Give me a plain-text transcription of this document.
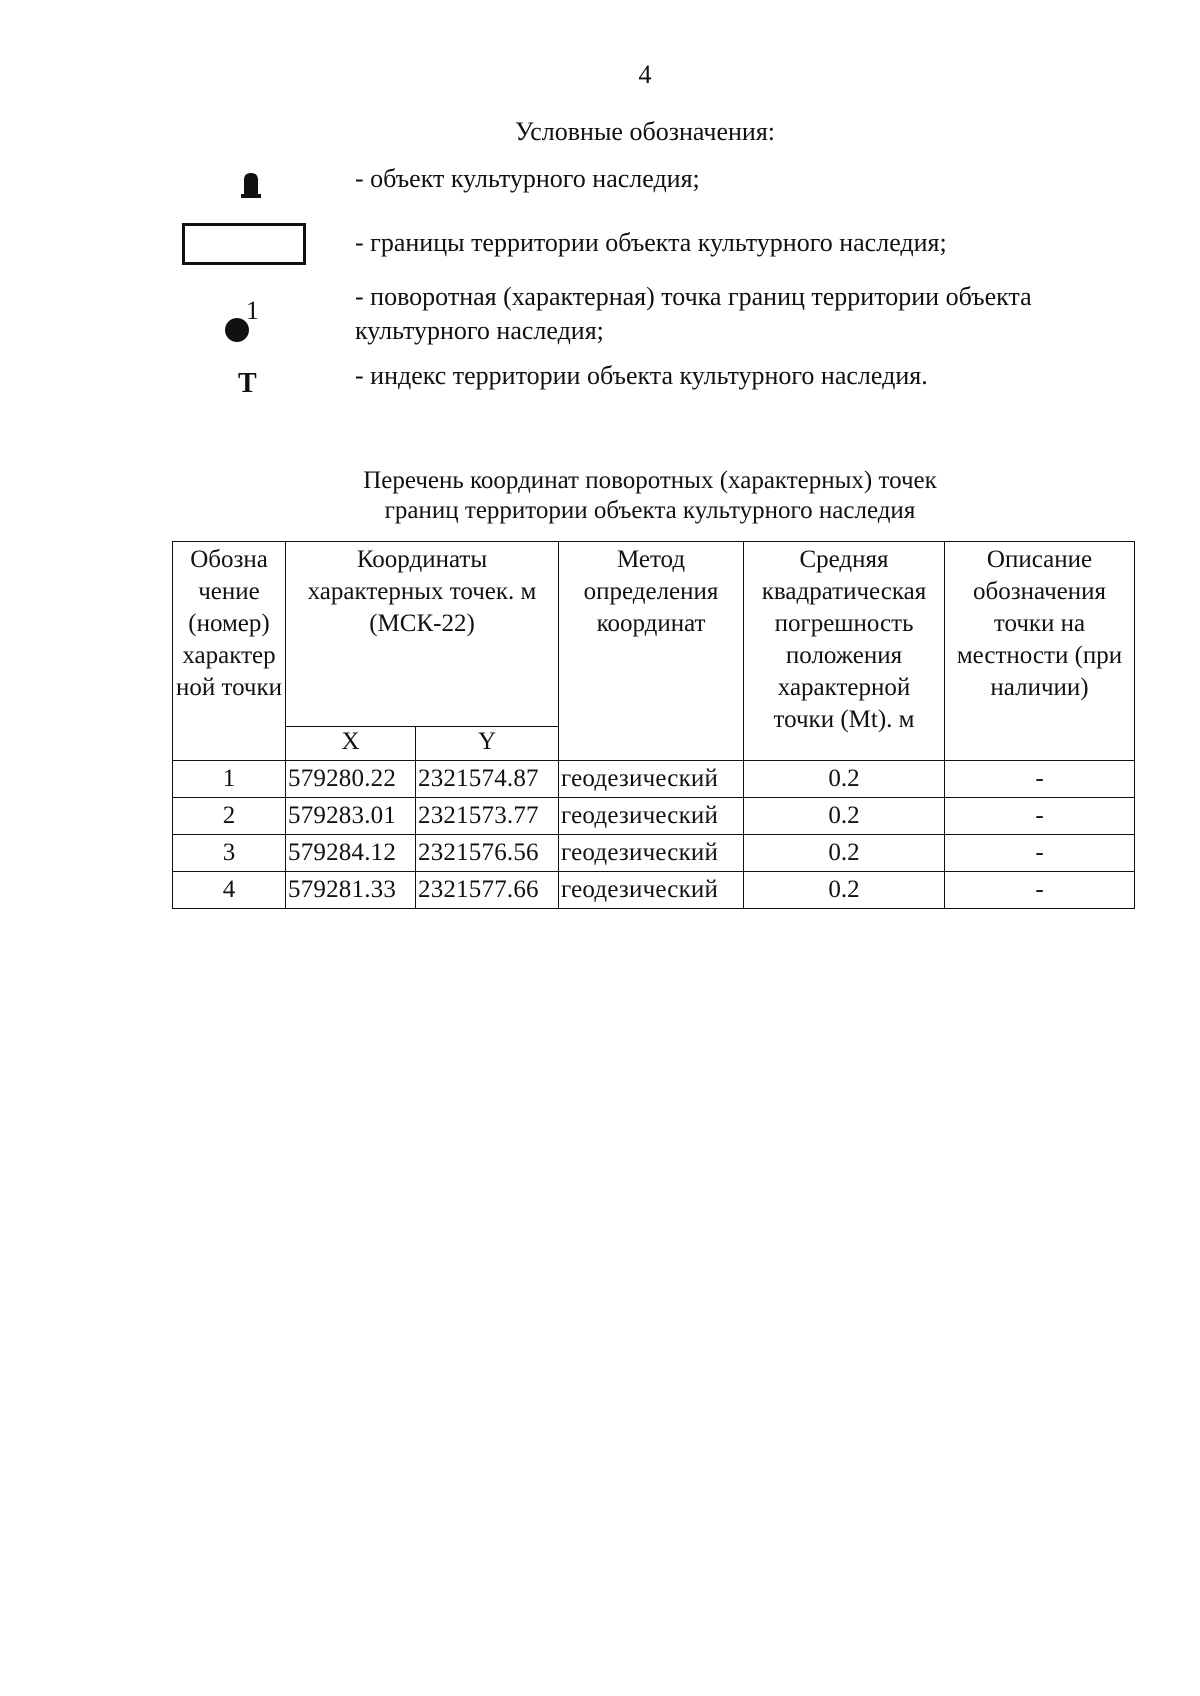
4
Условные обозначения:
- объект культурного наследия;
- границы территории объекта культурного наследия;
1	- поворотная (характерная) точка границ территории объекта культурного наследия;
Т	- индекс территории объекта культурного наследия.
Перечень координат поворотных (характерных) точек
границ территории объекта культурного наследия
Обозна чение (номер) характер ной точки	Координаты характерных точек. м (МСК-22)		Метод определения координат	Средняя квадратическая погрешность положения характерной точки (Mt). м	Описание обозначения точки на местности (при наличии)
	X	Y			
1	579280.22	2321574.87	геодезический	0.2	-
2	579283.01	2321573.77	геодезический	0.2	-
3	579284.12	2321576.56	геодезический	0.2	-
4	579281.33	2321577.66	геодезический	0.2	-
